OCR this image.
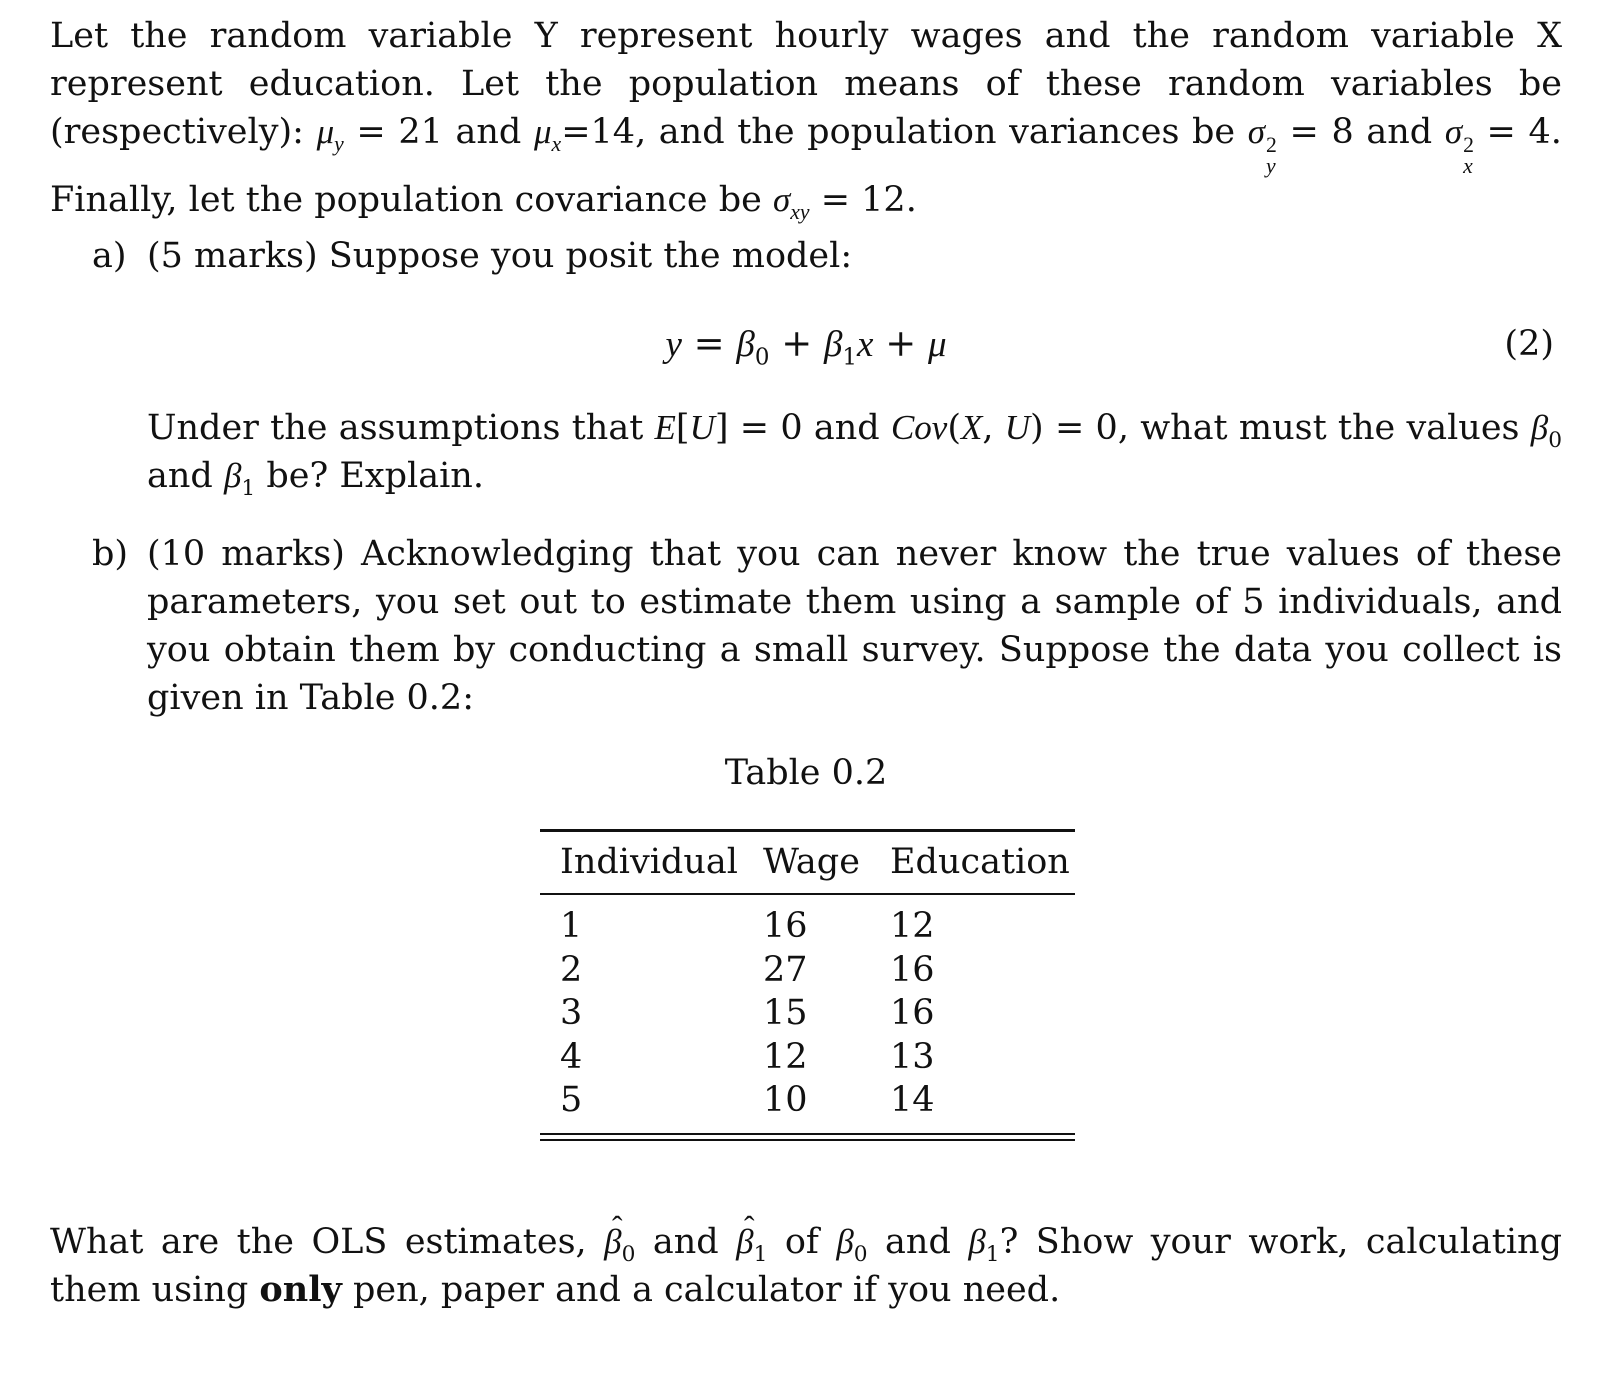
Let the random variable Y represent hourly wages and the random variable X represent education. Let the population means of these random variables be (respectively): $\mu_y = 21$ and $\mu_x=14$, and the population variances be σ 2
y
= 8 and σ 2
x
= 4. Finally, let the population covariance be $\sigma_{xy} = 12$.
a) (5 marks) Suppose you posit the model:
$y = \beta_0 + \beta_1x + \mu$	(2)
Under the assumptions that E[U] = 0 and Cov(X, U) = 0, what must the values $\beta_0$ and $\beta_1$ be? Explain.
b) (10 marks) Acknowledging that you can never know the true values of these parameters, you set out to estimate them using a sample of 5 individuals, and you obtain them by conducting a small survey. Suppose the data you collect is given in Table 0.2:
Table 0.2
Individual Wage Education
1	16 12
2	27 16
3	15 16
4	12 13
5	10 14
What are the OLS estimates, ˆ $\beta_0$ and ˆ $\beta_1$ of $\beta_0$ and $\beta_1$? Show your work, calculating them using only pen, paper and a calculator if you need.
